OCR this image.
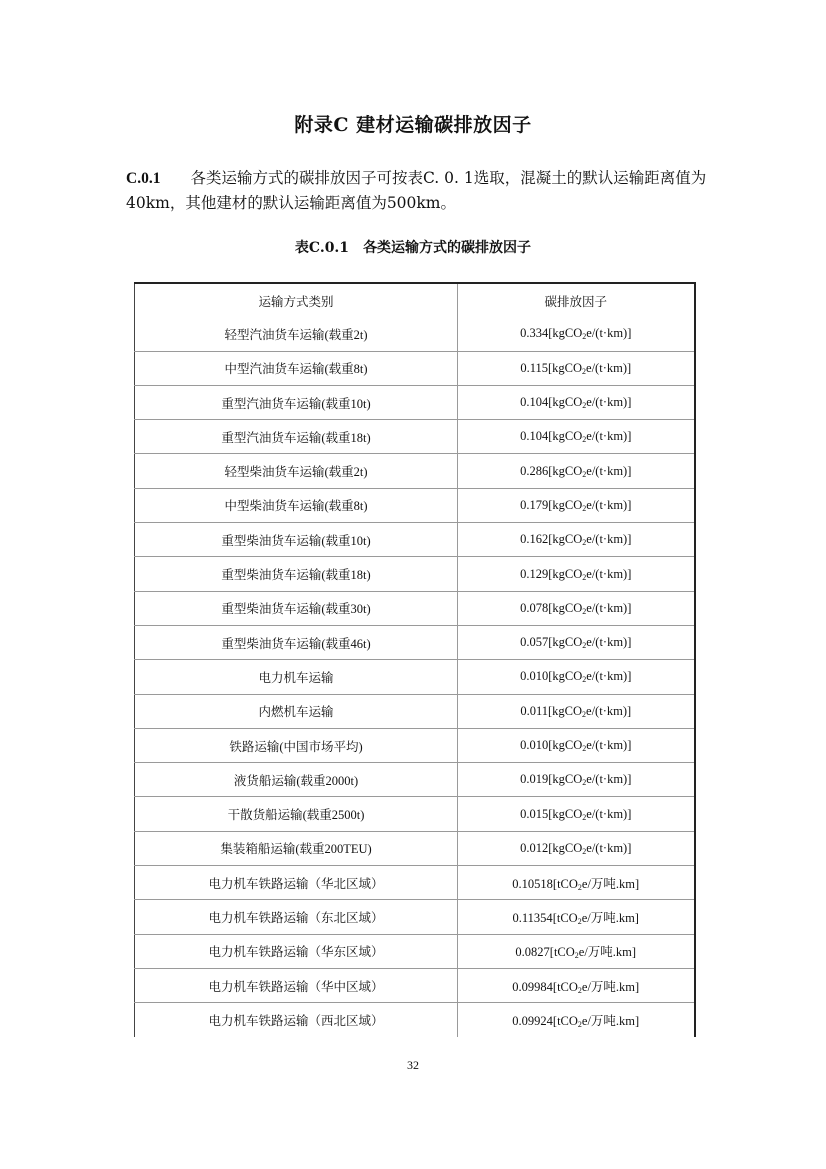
附录C 建材运输碳排放因子
C.0.1 各类运输方式的碳排放因子可按表C. 0. 1选取，混凝土的默认运输距离值为40km，其他建材的默认运输距离值为500km。
表C.0.1 各类运输方式的碳排放因子
运输方式类别	碳排放因子
轻型汽油货车运输(载重2t)	0.334[kgCO$_2$e/(t·km)]
中型汽油货车运输(载重8t)	0.115[kgCO$_2$e/(t·km)]
重型汽油货车运输(载重10t)	0.104[kgCO$_2$e/(t·km)]
重型汽油货车运输(载重18t)	0.104[kgCO$_2$e/(t·km)]
轻型柴油货车运输(载重2t)	0.286[kgCO$_2$e/(t·km)]
中型柴油货车运输(载重8t)	0.179[kgCO$_2$e/(t·km)]
重型柴油货车运输(载重10t)	0.162[kgCO$_2$e/(t·km)]
重型柴油货车运输(载重18t)	0.129[kgCO$_2$e/(t·km)]
重型柴油货车运输(载重30t)	0.078[kgCO$_2$e/(t·km)]
重型柴油货车运输(载重46t)	0.057[kgCO$_2$e/(t·km)]
电力机车运输	0.010[kgCO$_2$e/(t·km)]
内燃机车运输	0.011[kgCO$_2$e/(t·km)]
铁路运输(中国市场平均)	0.010[kgCO$_2$e/(t·km)]
液货船运输(载重2000t)	0.019[kgCO$_2$e/(t·km)]
干散货船运输(载重2500t)	0.015[kgCO$_2$e/(t·km)]
集装箱船运输(载重200TEU)	0.012[kgCO$_2$e/(t·km)]
电力机车铁路运输（华北区域）	0.10518[tCO$_2$e/万吨.km]
电力机车铁路运输（东北区域）	0.11354[tCO$_2$e/万吨.km]
电力机车铁路运输（华东区域）	0.0827[tCO$_2$e/万吨.km]
电力机车铁路运输（华中区域）	0.09984[tCO$_2$e/万吨.km]
电力机车铁路运输（西北区域）	0.09924[tCO$_2$e/万吨.km]
32
